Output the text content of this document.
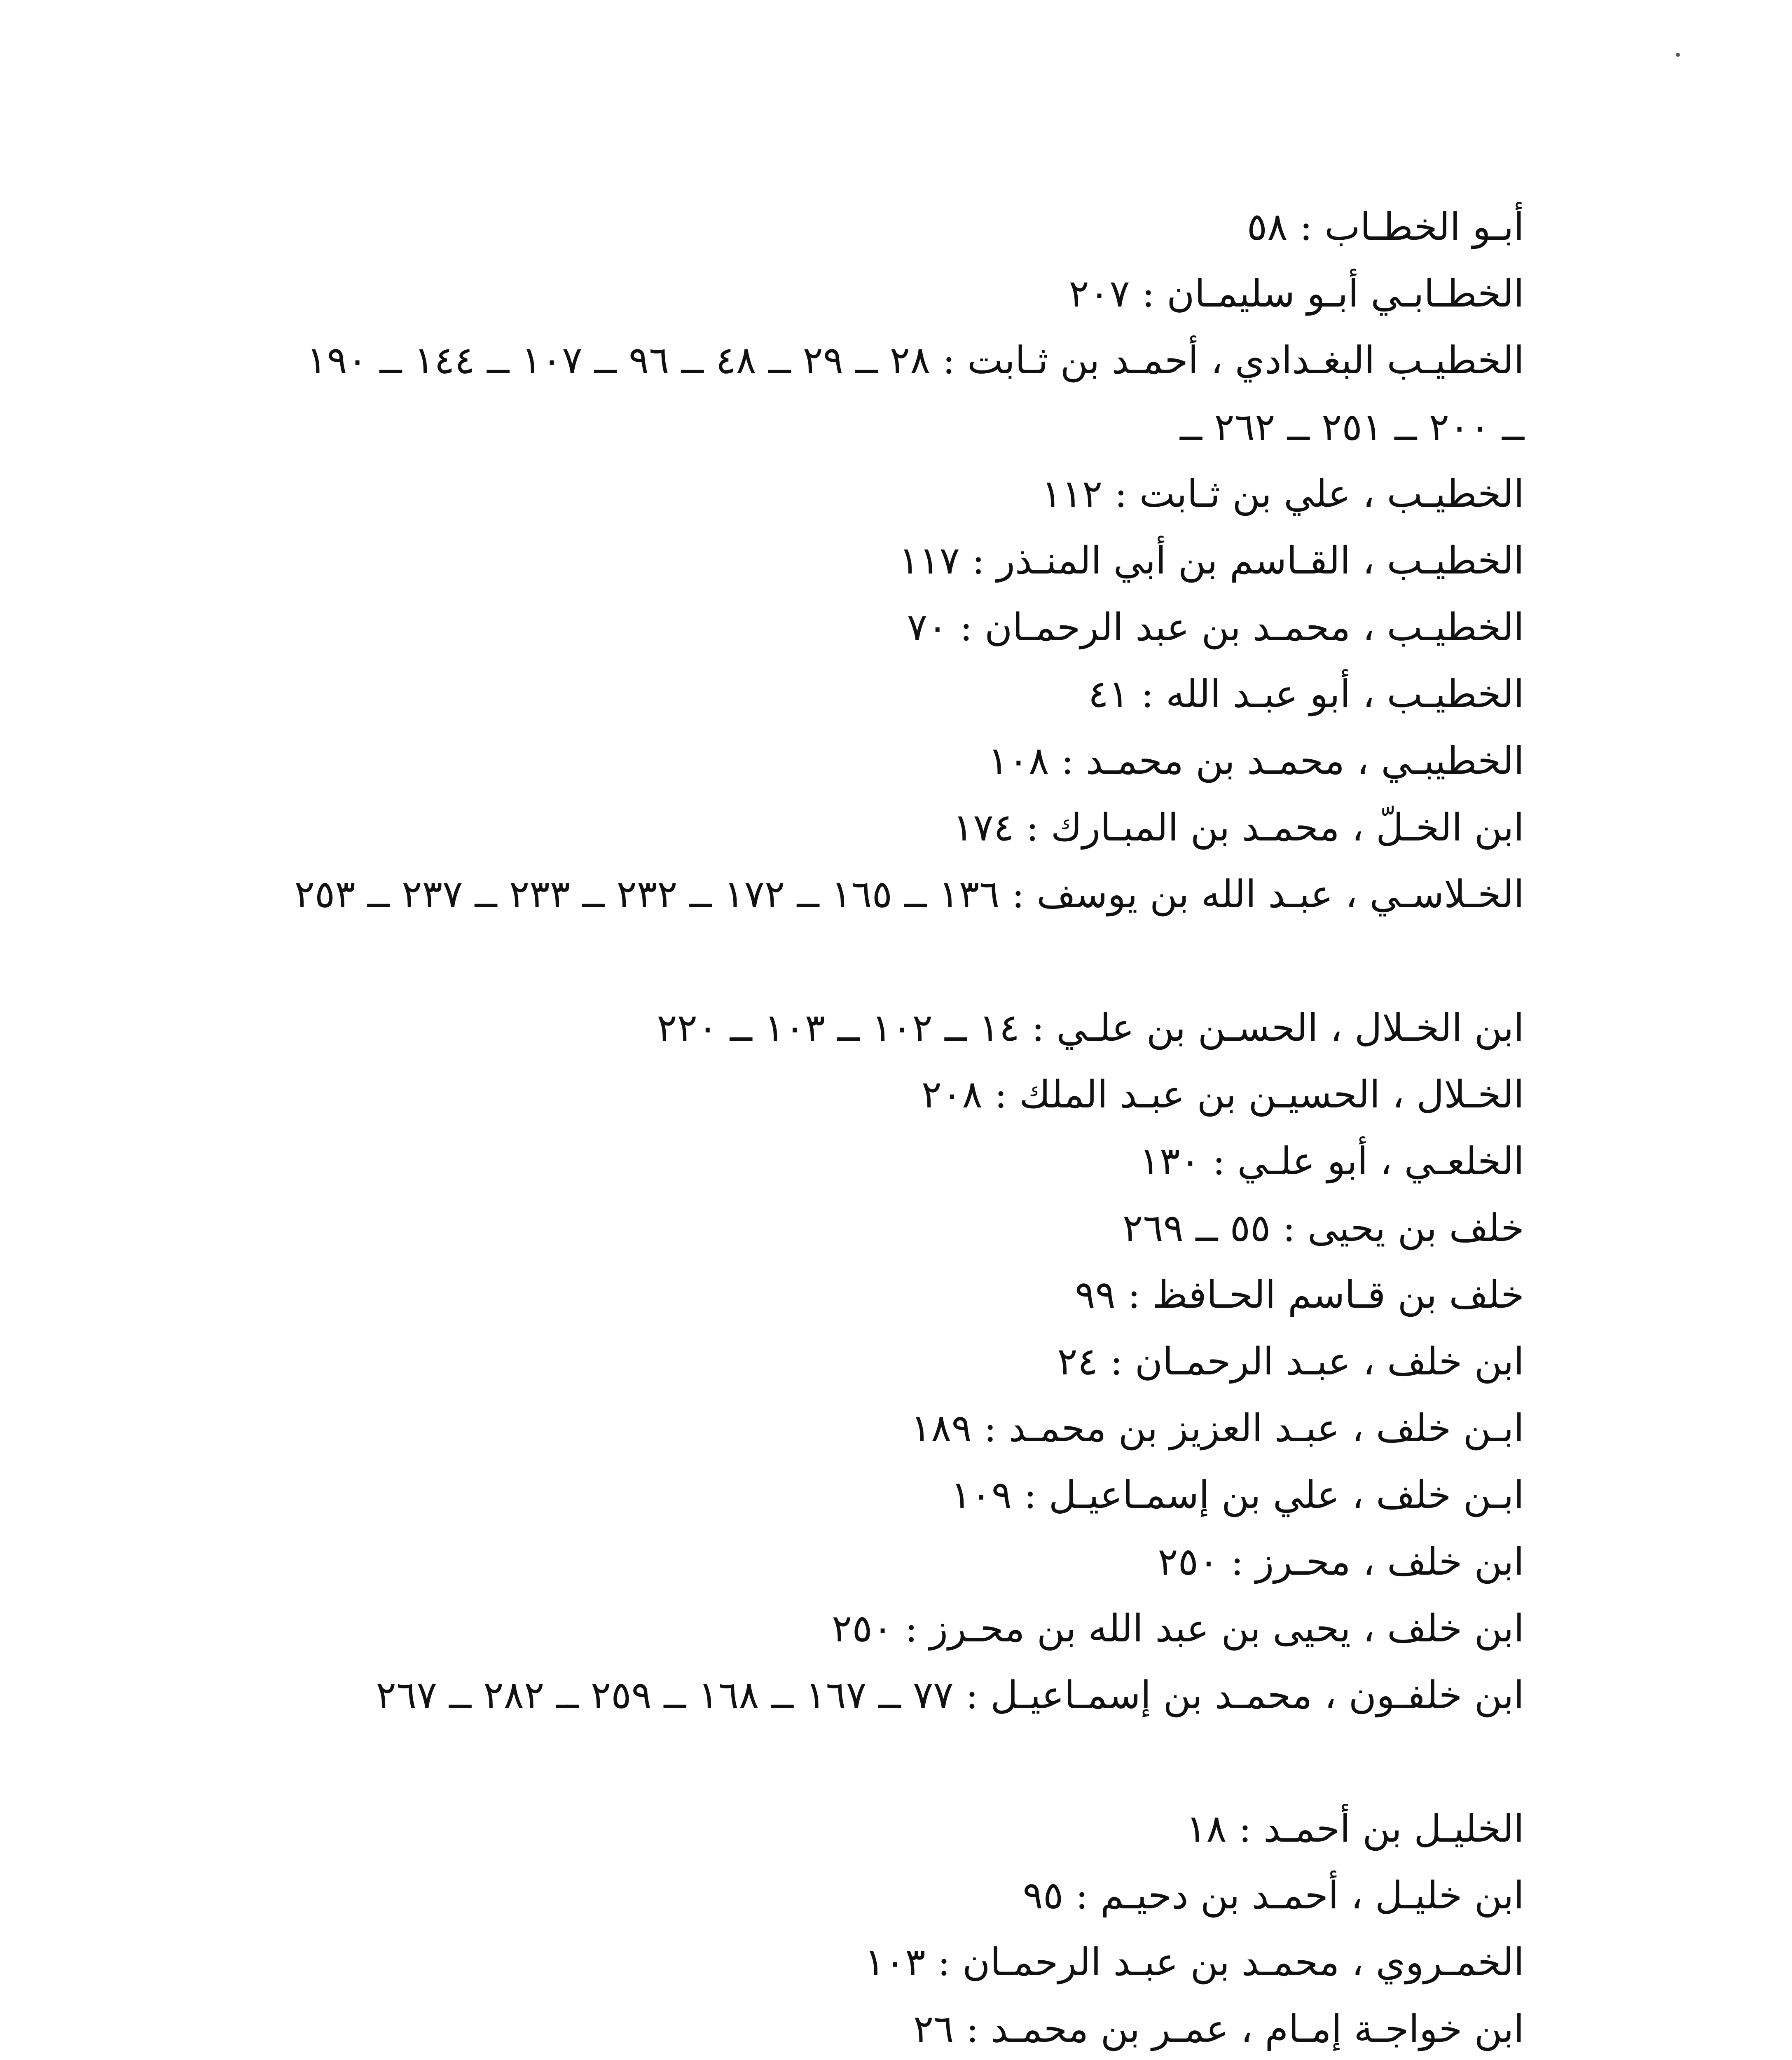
أبـو الخطـاب : ٥٨
الخطـابـي أبـو سليمـان : ٢٠٧
الخطيـب البغـدادي ، أحمـد بن ثـابت : ٢٨ ــ ٢٩ ــ ٤٨ ــ ٩٦ ــ ١٠٧ ــ ١٤٤ ــ ١٩٠ ــ ٢٠٠ ــ ٢٥١ ــ ٢٦٢ ــ
الخطيـب ، علي بن ثـابت : ١١٢
الخطيـب ، القـاسم بن أبي المنـذر : ١١٧
الخطيـب ، محمـد بن عبد الرحمـان : ٧٠
الخطيـب ، أبو عبـد الله : ٤١
الخطيبـي ، محمـد بن محمـد : ١٠٨
ابن الخـلّ ، محمـد بن المبـارك : ١٧٤
الخـلاسـي ، عبـد الله بن يوسف : ١٣٦ ــ ١٦٥ ــ ١٧٢ ــ ٢٣٢ ــ ٢٣٣ ــ ٢٣٧ ــ ٢٥٣
ابن الخـلال ، الحسـن بن علـي : ١٤ ــ ١٠٢ ــ ١٠٣ ــ ٢٢٠
الخـلال ، الحسيـن بن عبـد الملك : ٢٠٨
الخلعـي ، أبو علـي : ١٣٠
خلف بن يحيى : ٥٥ ــ ٢٦٩
خلف بن قـاسم الحـافظ : ٩٩
ابن خلف ، عبـد الرحمـان : ٢٤
ابـن خلف ، عبـد العزيز بن محمـد : ١٨٩
ابـن خلف ، علي بن إسمـاعيـل : ١٠٩
ابن خلف ، محـرز : ٢٥٠
ابن خلف ، يحيى بن عبد الله بن محـرز : ٢٥٠
ابن خلفـون ، محمـد بن إسمـاعيـل : ٧٧ ــ ١٦٧ ــ ١٦٨ ــ ٢٥٩ ــ ٢٨٢ ــ ٢٦٧
الخليـل بن أحمـد : ١٨
ابن خليـل ، أحمـد بن دحيـم : ٩٥
الخمـروي ، محمـد بن عبـد الرحمـان : ١٠٣
ابن خواجـة إمـام ، عمـر بن محمـد : ٢٦
